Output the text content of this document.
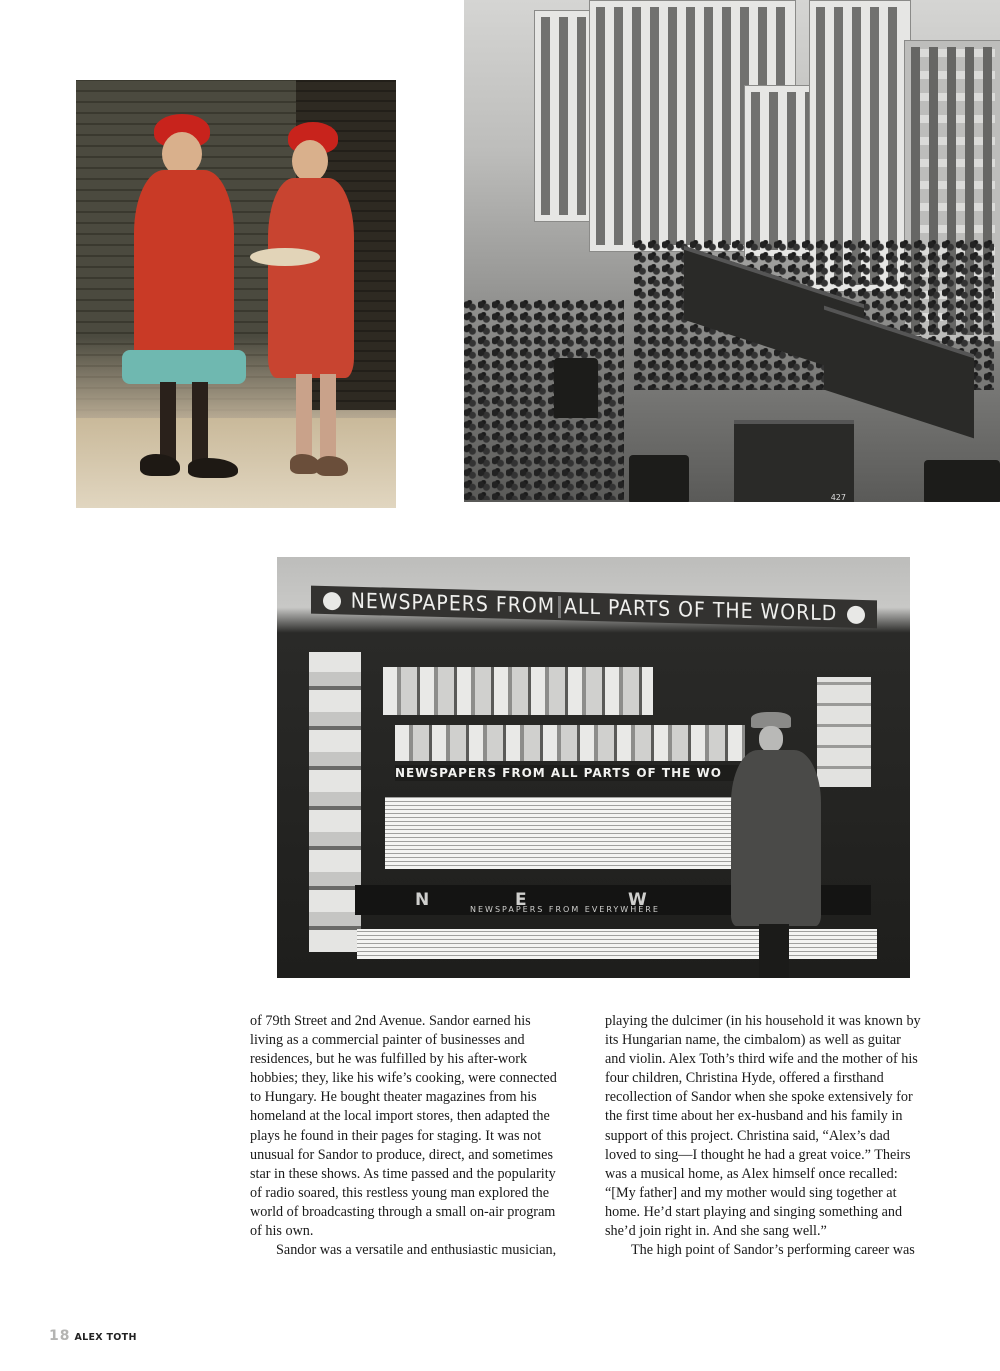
427
NEWSPAPERS FROM ALL PARTS OF THE WORLD
NEWSPAPERS FROM ALL PARTS OF THE WO
N	E	W
NEWSPAPERS FROM EVERYWHERE

of 79th Street and 2nd Avenue. Sandor earned his living as a commercial painter of businesses and residences, but he was fulfilled by his after-work hobbies; they, like his wife’s cooking, were connected to Hungary. He bought theater magazines from his homeland at the local import stores, then adapted the plays he found in their pages for staging. It was not unusual for Sandor to produce, direct, and sometimes star in these shows. As time passed and the popularity of radio soared, this restless young man explored the world of broadcasting through a small on-air program of his own.

Sandor was a versatile and enthusiastic musician,

playing the dulcimer (in his household it was known by its Hungarian name, the cimbalom) as well as guitar and violin. Alex Toth’s third wife and the mother of his four children, Christina Hyde, offered a firsthand recollection of Sandor when she spoke extensively for the first time about her ex-husband and his family in support of this project. Christina said, “Alex’s dad loved to sing—I thought he had a great voice.” Theirs was a musical home, as Alex himself once recalled: “[My father] and my mother would sing together at home. He’d start playing and singing something and she’d join right in. And she sang well.”

The high point of Sandor’s performing career was

18 ALEX TOTH
